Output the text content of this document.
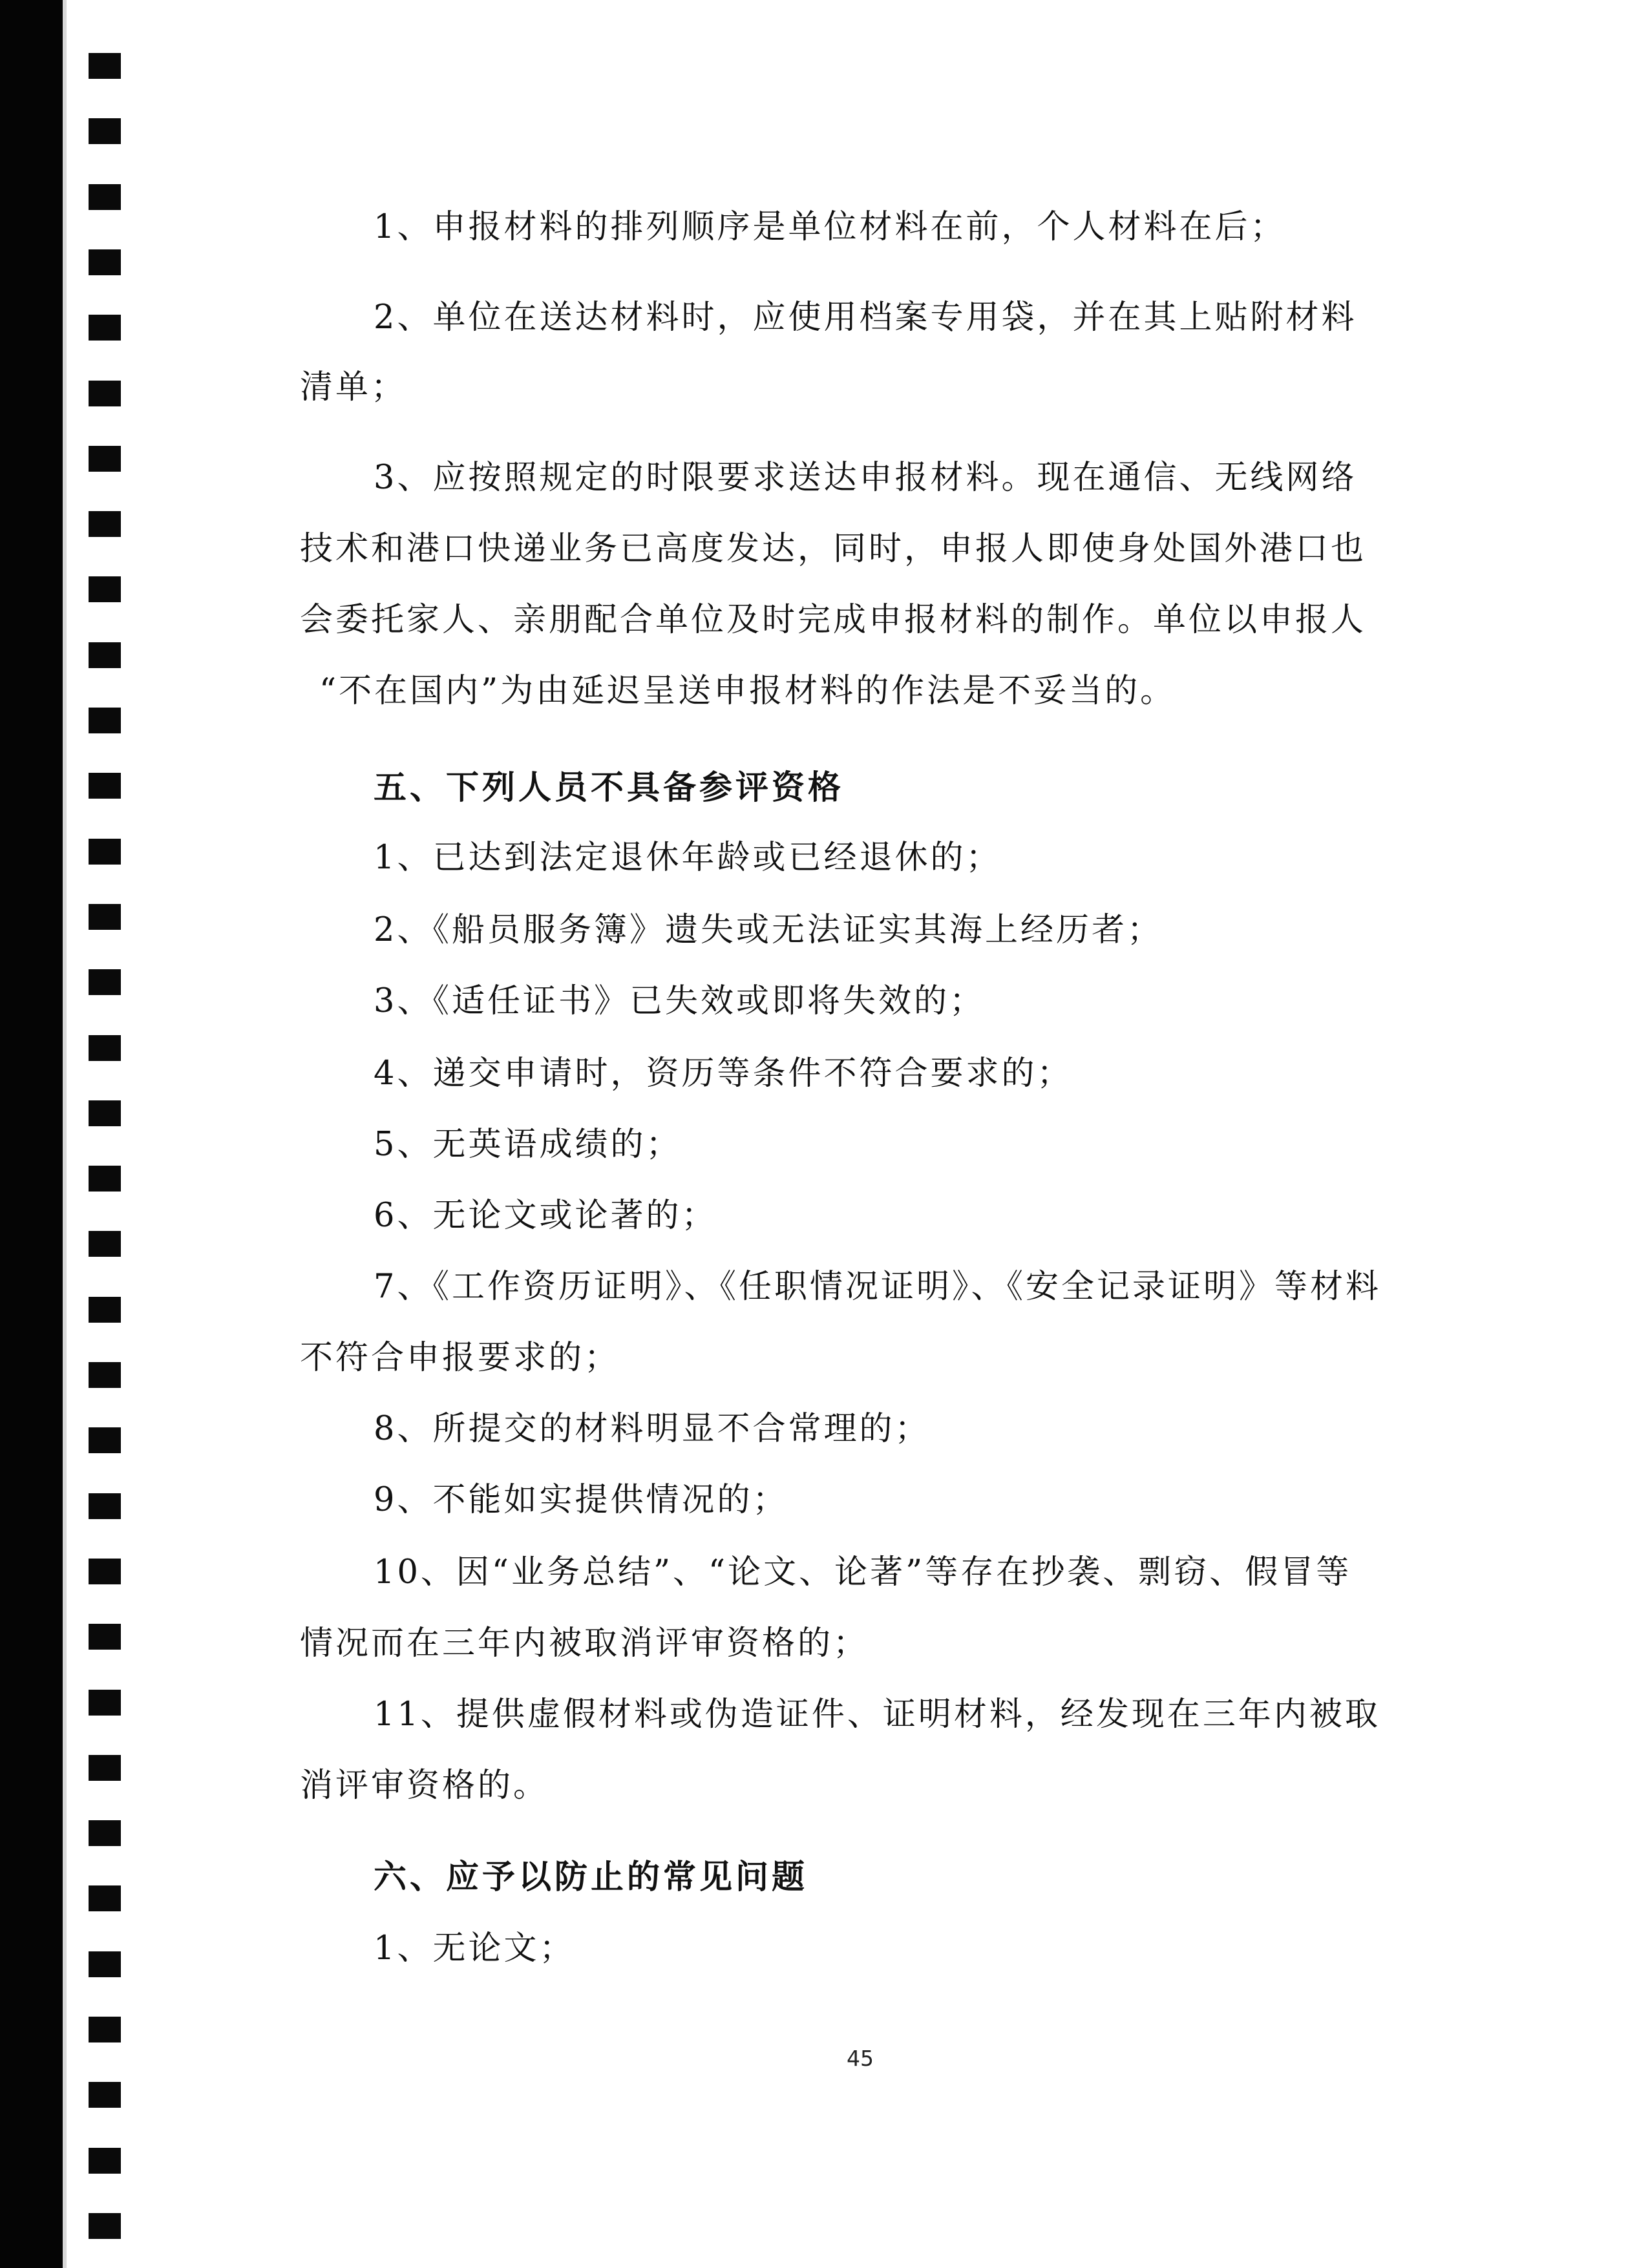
1、申报材料的排列顺序是单位材料在前，个人材料在后；
2、单位在送达材料时，应使用档案专用袋，并在其上贴附材料
清单；
3、应按照规定的时限要求送达申报材料。现在通信、无线网络
技术和港口快递业务已高度发达，同时，申报人即使身处国外港口也
会委托家人、亲朋配合单位及时完成申报材料的制作。单位以申报人
“不在国内”为由延迟呈送申报材料的作法是不妥当的。
五、下列人员不具备参评资格
1、已达到法定退休年龄或已经退休的；
2、《船员服务簿》遗失或无法证实其海上经历者；
3、《适任证书》已失效或即将失效的；
4、递交申请时，资历等条件不符合要求的；
5、无英语成绩的；
6、无论文或论著的；
7、《工作资历证明》、《任职情况证明》、《安全记录证明》等材料
不符合申报要求的；
8、所提交的材料明显不合常理的；
9、不能如实提供情况的；
10、因“业务总结”、“论文、论著”等存在抄袭、剽窃、假冒等
情况而在三年内被取消评审资格的；
11、提供虚假材料或伪造证件、证明材料，经发现在三年内被取
消评审资格的。
六、应予以防止的常见问题
1、无论文；
45
